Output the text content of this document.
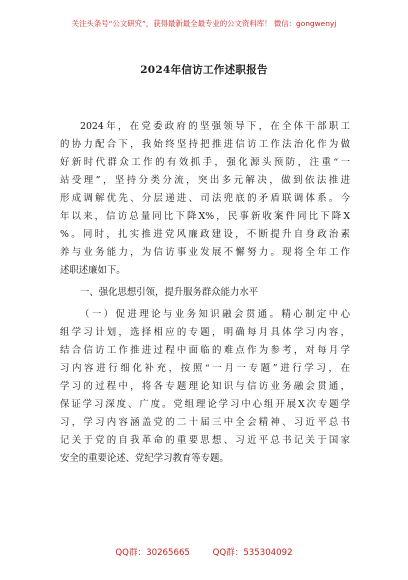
关注头条号“公文研究”，获得最新最全最专业的公文资料库！ 微信：gongwenyj
2024年信访工作述职报告
2024年，在党委政府的坚强领导下，在全体干部职工
的协力配合下，我始终坚持把推进信访工作法治化作为做
好新时代群众工作的有效抓手，强化源头预防，注重“一
站受理”，坚持分类分流，突出多元解决，做到依法推进
形成调解优先、分层递进、司法兜底的矛盾联调体系。今
年以来，信访总量同比下降X%，民事新收案件同比下降X
%。同时，扎实推进党风廉政建设，不断提升自身政治素
养与业务能力，为信访事业发展不懈努力。现将全年工作
述职述廉如下。
一、强化思想引领，提升服务群众能力水平
（一）促进理论与业务知识融会贯通。精心制定中心
组学习计划，选择相应的专题，明确每月具体学习内容，
结合信访工作推进过程中面临的难点作为参考，对每月学
习内容进行细化补充，按照“一月一专题”进行学习，在
学习的过程中，将各专题理论知识与信访业务融会贯通，
保证学习深度、广度。党组理论学习中心组开展X次专题学
习，学习内容涵盖党的二十届三中全会精神、习近平总书
记关于党的自我革命的重要思想、习近平总书记关于国家
安全的重要论述、党纪学习教育等专题。
QQ群：30265665	QQ群：535304092
